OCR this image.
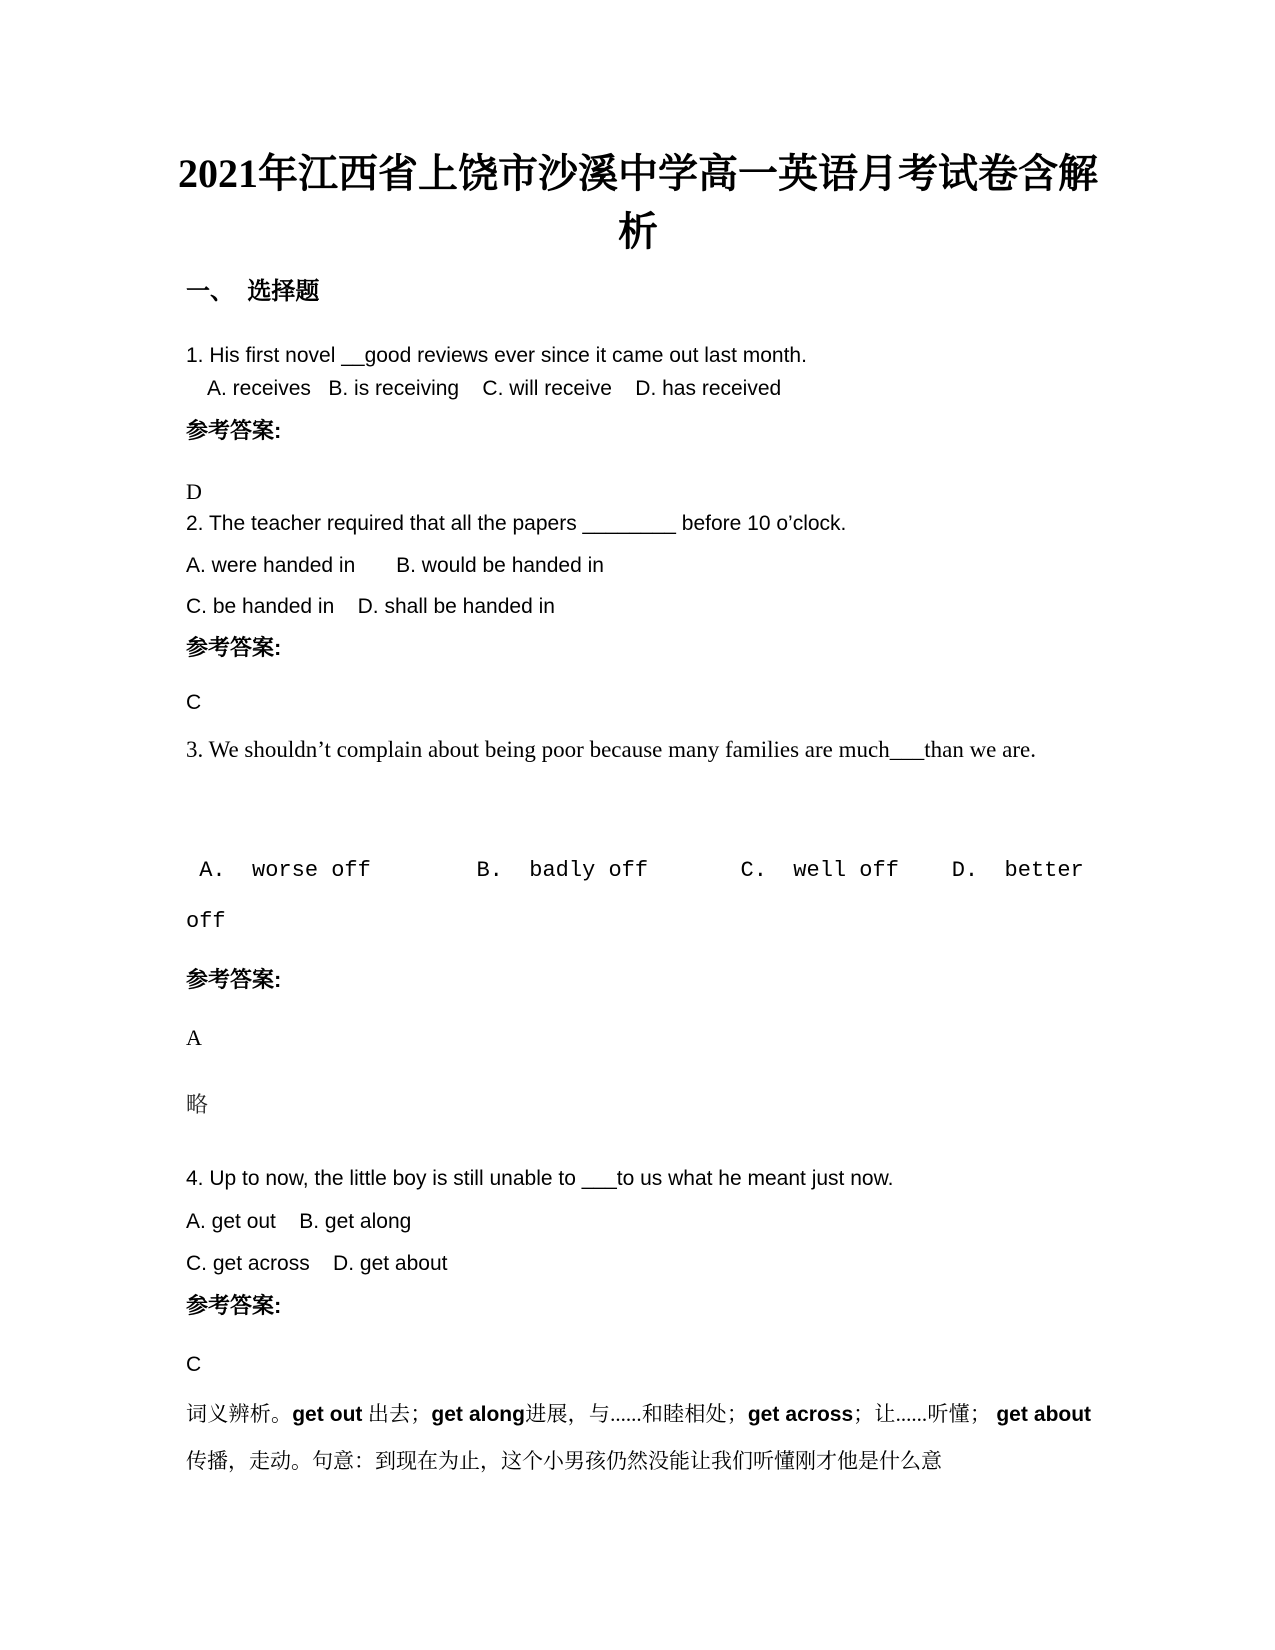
2021年江西省上饶市沙溪中学高一英语月考试卷含解析
一、  选择题
1. His first novel __good reviews ever since it came out last month.
A. receives   B. is receiving    C. will receive    D. has received
参考答案:
D
2. The teacher required that all the papers ________ before 10 o’clock.
A. were handed in       B. would be handed in
C. be handed in    D. shall be handed in
参考答案:
C
3. We shouldn’t complain about being poor because many families are much___than we are.
A.  worse off        B.  badly off       C.  well off    D.  better off
参考答案:
A
略
4. Up to now, the little boy is still unable to ___to us what he meant just now.
A. get out    B. get along
C. get across    D. get about
参考答案:
C
词义辨析。get out 出去；get along进展，与......和睦相处；get across；让......听懂； get about传播，走动。句意：到现在为止，这个小男孩仍然没能让我们听懂刚才他是什么意
